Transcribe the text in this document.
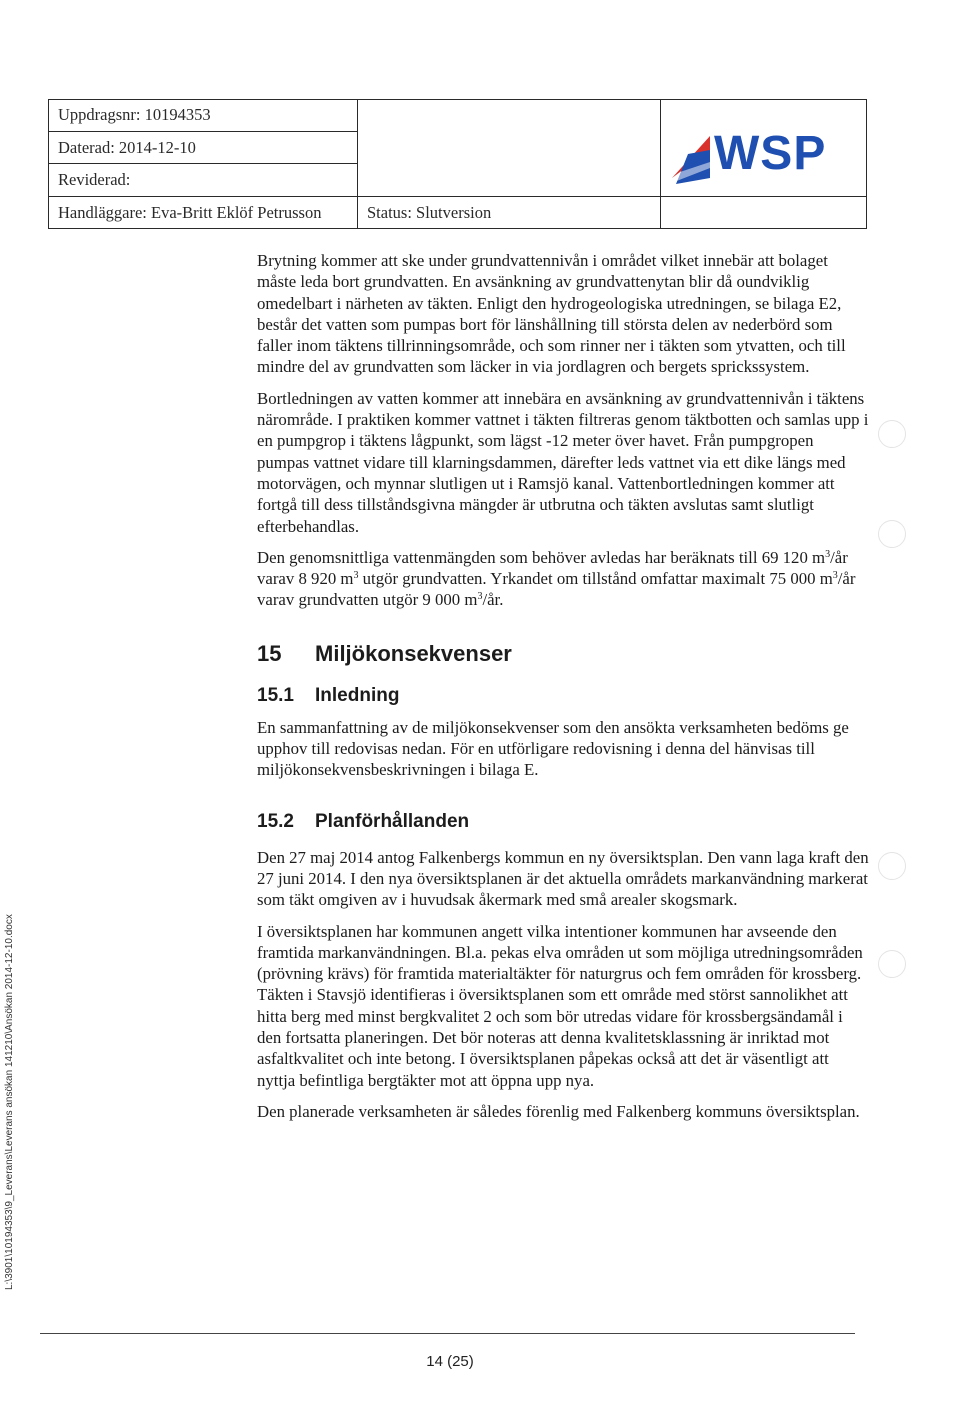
Uppdragsnr: 10194353
Daterad: 2014-12-10
Reviderad:
Handläggare: Eva-Britt Eklöf Petrusson	Status: Slutversion
WSP

Brytning kommer att ske under grundvattennivån i området vilket innebär att bolaget måste leda bort grundvatten. En avsänkning av grundvattenytan blir då oundviklig omedelbart i närheten av täkten. Enligt den hydrogeologiska utredningen, se bilaga E2, består det vatten som pumpas bort för länshållning till största delen av nederbörd som faller inom täktens tillrinningsområde, och som rinner ner i täkten som ytvatten, och till mindre del av grundvatten som läcker in via jordlagren och bergets sprickssystem.

Bortledningen av vatten kommer att innebära en avsänkning av grundvattennivån i täktens närområde. I praktiken kommer vattnet i täkten filtreras genom täktbotten och samlas upp i en pumpgrop i täktens lågpunkt, som lägst -12 meter över havet. Från pumpgropen pumpas vattnet vidare till klarningsdammen, därefter leds vattnet via ett dike längs med motorvägen, och mynnar slutligen ut i Ramsjö kanal. Vattenbortledningen kommer att fortgå till dess tillståndsgivna mängder är utbrutna och täkten avslutas samt slutligt efterbehandlas.

Den genomsnittliga vattenmängden som behöver avledas har beräknats till 69 120 $m^3/år$ varav 8 920 $m^3$ utgör grundvatten. Yrkandet om tillstånd omfattar maximalt 75 000 $m^3/år$ varav grundvatten utgör 9 000 $m^3/år$.

15 Miljökonsekvenser
15.1 Inledning

En sammanfattning av de miljökonsekvenser som den ansökta verksamheten bedöms ge upphov till redovisas nedan. För en utförligare redovisning i denna del hänvisas till miljökonsekvensbeskrivningen i bilaga E.

15.2 Planförhållanden

Den 27 maj 2014 antog Falkenbergs kommun en ny översiktsplan. Den vann laga kraft den 27 juni 2014. I den nya översiktsplanen är det aktuella områdets markanvändning markerat som täkt omgiven av i huvudsak åkermark med små arealer skogsmark.

I översiktsplanen har kommunen angett vilka intentioner kommunen har avseende den framtida markanvändningen. Bl.a. pekas elva områden ut som möjliga utredningsområden (prövning krävs) för framtida materialtäkter för naturgrus och fem områden för krossberg. Täkten i Stavsjö identifieras i översiktsplanen som ett område med störst sannolikhet att hitta berg med minst bergkvalitet 2 och som bör utredas vidare för krossbergsändamål i den fortsatta planeringen. Det bör noteras att denna kvalitetsklassning är inriktad mot asfaltkvalitet och inte betong. I översiktsplanen påpekas också att det är väsentligt att nyttja befintliga bergtäkter mot att öppna upp nya.

Den planerade verksamheten är således förenlig med Falkenberg kommuns översiktsplan.

L:\3901\10194353\9_Leverans\Leverans ansökan 141210\Ansökan 2014-12-10.docx
14 (25)
